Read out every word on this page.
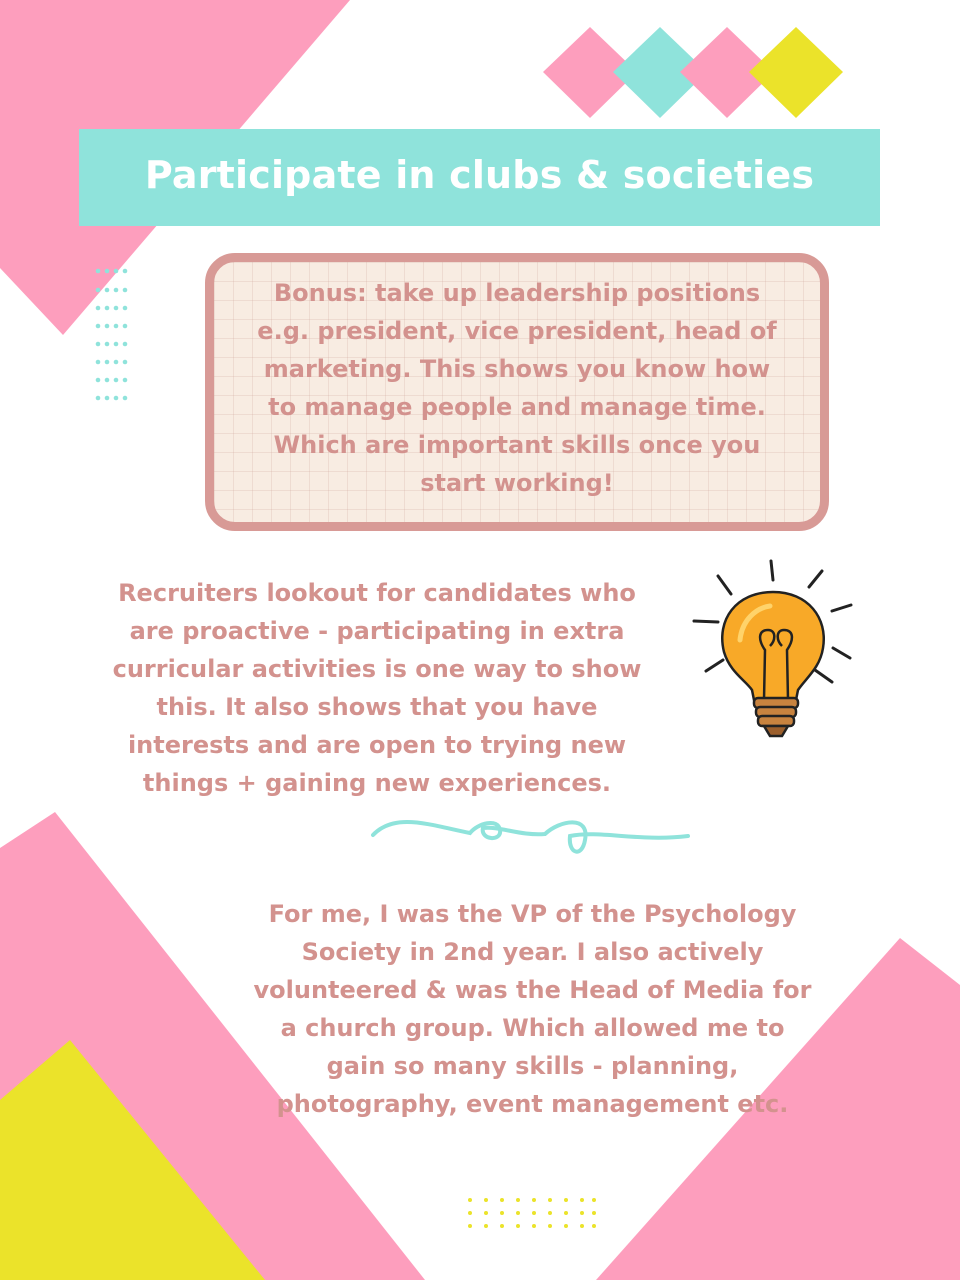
Participate in clubs & societies
Bonus: take up leadership positions e.g. president, vice president, head of marketing. This shows you know how to manage people and manage time. Which are important skills once you start working!
Recruiters lookout for candidates who are proactive - participating in extra curricular activities is one way to show this. It also shows that you have interests and are open to trying new things + gaining new experiences.
For me, I was the VP of the Psychology Society in 2nd year. I also actively volunteered & was the Head of Media for a church group. Which allowed me to gain so many skills - planning, photography, event management etc.
